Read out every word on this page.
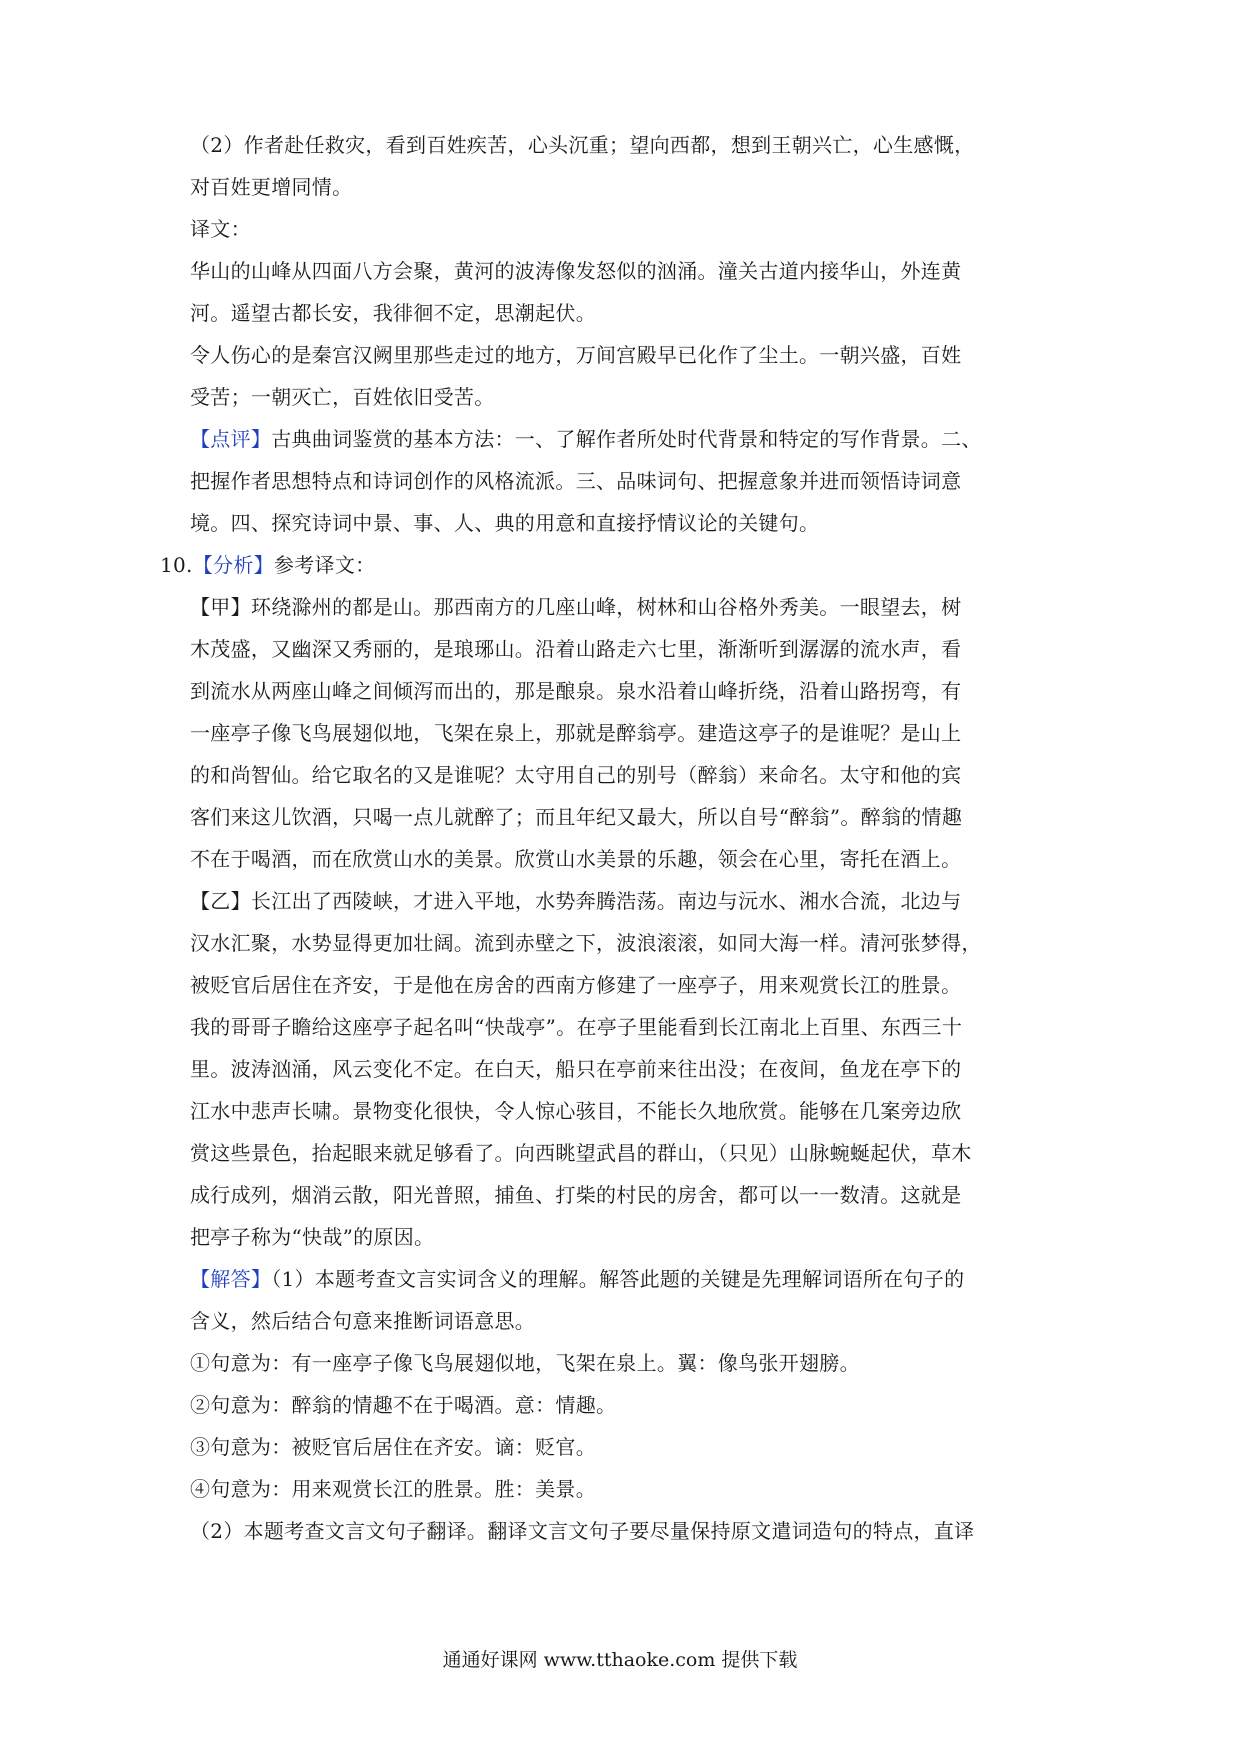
（2）作者赴任救灾，看到百姓疾苦，心头沉重；望向西都，想到王朝兴亡，心生感慨，
对百姓更增同情。
译文：
华山的山峰从四面八方会聚，黄河的波涛像发怒似的汹涌。潼关古道内接华山，外连黄
河。遥望古都长安，我徘徊不定，思潮起伏。
令人伤心的是秦宫汉阙里那些走过的地方，万间宫殿早已化作了尘土。一朝兴盛，百姓
受苦；一朝灭亡，百姓依旧受苦。
【点评】古典曲词鉴赏的基本方法：一、了解作者所处时代背景和特定的写作背景。二、
把握作者思想特点和诗词创作的风格流派。三、品味词句、把握意象并进而领悟诗词意
境。四、探究诗词中景、事、人、典的用意和直接抒情议论的关键句。
10.【分析】参考译文：
【甲】环绕滁州的都是山。那西南方的几座山峰，树林和山谷格外秀美。一眼望去，树
木茂盛，又幽深又秀丽的，是琅琊山。沿着山路走六七里，渐渐听到潺潺的流水声，看
到流水从两座山峰之间倾泻而出的，那是酿泉。泉水沿着山峰折绕，沿着山路拐弯，有
一座亭子像飞鸟展翅似地，飞架在泉上，那就是醉翁亭。建造这亭子的是谁呢？是山上
的和尚智仙。给它取名的又是谁呢？太守用自己的别号（醉翁）来命名。太守和他的宾
客们来这儿饮酒，只喝一点儿就醉了；而且年纪又最大，所以自号“醉翁”。醉翁的情趣
不在于喝酒，而在欣赏山水的美景。欣赏山水美景的乐趣，领会在心里，寄托在酒上。
【乙】长江出了西陵峡，才进入平地，水势奔腾浩荡。南边与沅水、湘水合流，北边与
汉水汇聚，水势显得更加壮阔。流到赤壁之下，波浪滚滚，如同大海一样。清河张梦得，
被贬官后居住在齐安，于是他在房舍的西南方修建了一座亭子，用来观赏长江的胜景。
我的哥哥子瞻给这座亭子起名叫“快哉亭”。在亭子里能看到长江南北上百里、东西三十
里。波涛汹涌，风云变化不定。在白天，船只在亭前来往出没；在夜间，鱼龙在亭下的
江水中悲声长啸。景物变化很快，令人惊心骇目，不能长久地欣赏。能够在几案旁边欣
赏这些景色，抬起眼来就足够看了。向西眺望武昌的群山，（只见）山脉蜿蜒起伏，草木
成行成列，烟消云散，阳光普照，捕鱼、打柴的村民的房舍，都可以一一数清。这就是
把亭子称为“快哉”的原因。
【解答】（1）本题考查文言实词含义的理解。解答此题的关键是先理解词语所在句子的
含义，然后结合句意来推断词语意思。
①句意为：有一座亭子像飞鸟展翅似地，飞架在泉上。翼：像鸟张开翅膀。
②句意为：醉翁的情趣不在于喝酒。意：情趣。
③句意为：被贬官后居住在齐安。谪：贬官。
④句意为：用来观赏长江的胜景。胜：美景。
（2）本题考查文言文句子翻译。翻译文言文句子要尽量保持原文遣词造句的特点，直译
通通好课网 www.tthaoke.com 提供下载
